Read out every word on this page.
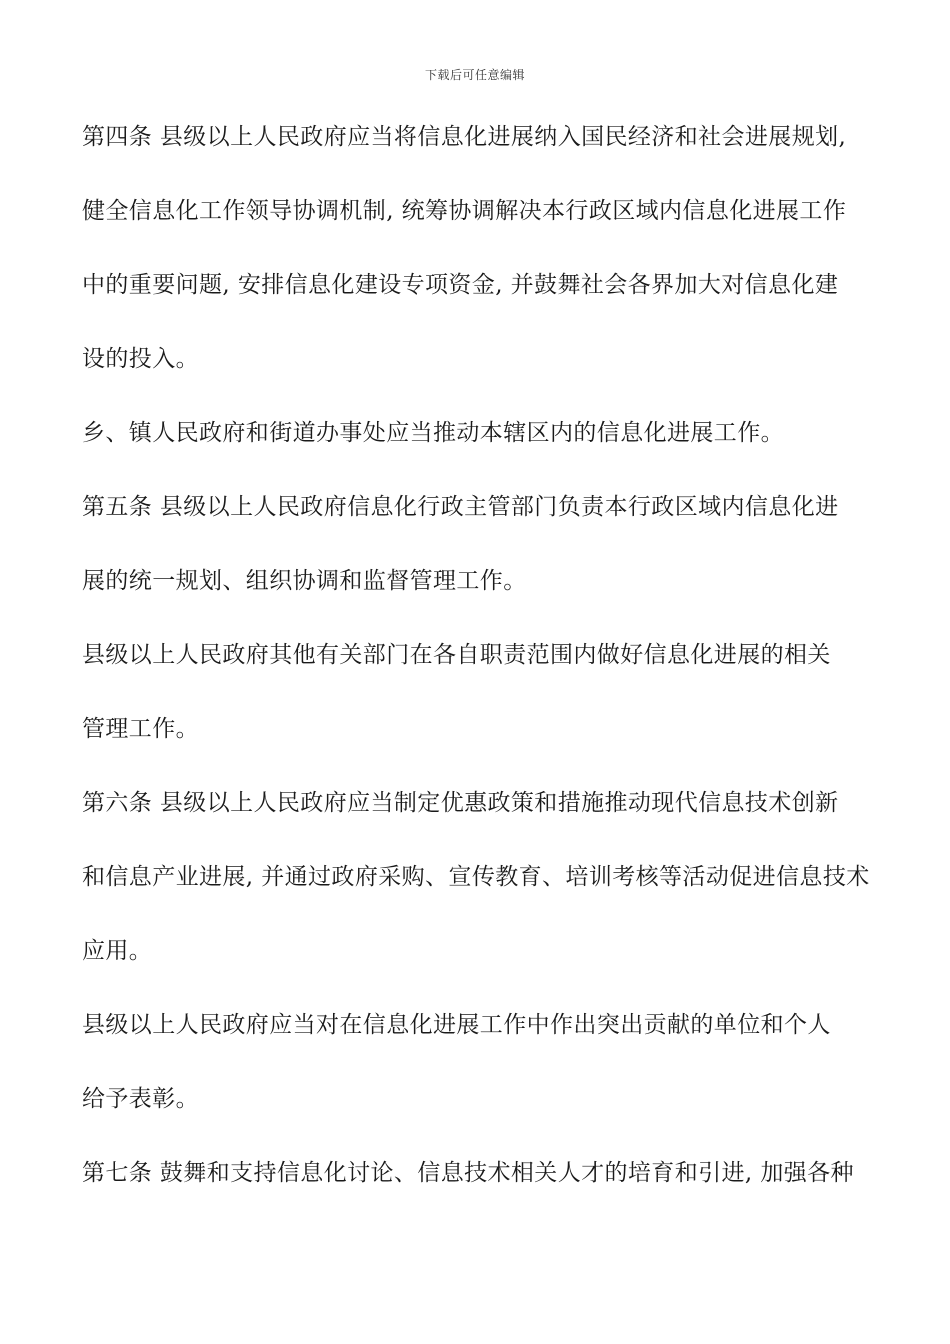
下载后可任意编辑
第四条 县级以上人民政府应当将信息化进展纳入国民经济和社会进展规划,
健全信息化工作领导协调机制, 统筹协调解决本行政区域内信息化进展工作
中的重要问题, 安排信息化建设专项资金, 并鼓舞社会各界加大对信息化建
设的投入。
乡、镇人民政府和街道办事处应当推动本辖区内的信息化进展工作。
第五条 县级以上人民政府信息化行政主管部门负责本行政区域内信息化进
展的统一规划、组织协调和监督管理工作。
县级以上人民政府其他有关部门在各自职责范围内做好信息化进展的相关
管理工作。
第六条 县级以上人民政府应当制定优惠政策和措施推动现代信息技术创新
和信息产业进展, 并通过政府采购、宣传教育、培训考核等活动促进信息技术
应用。
县级以上人民政府应当对在信息化进展工作中作出突出贡献的单位和个人
给予表彰。
第七条 鼓舞和支持信息化讨论、信息技术相关人才的培育和引进, 加强各种
